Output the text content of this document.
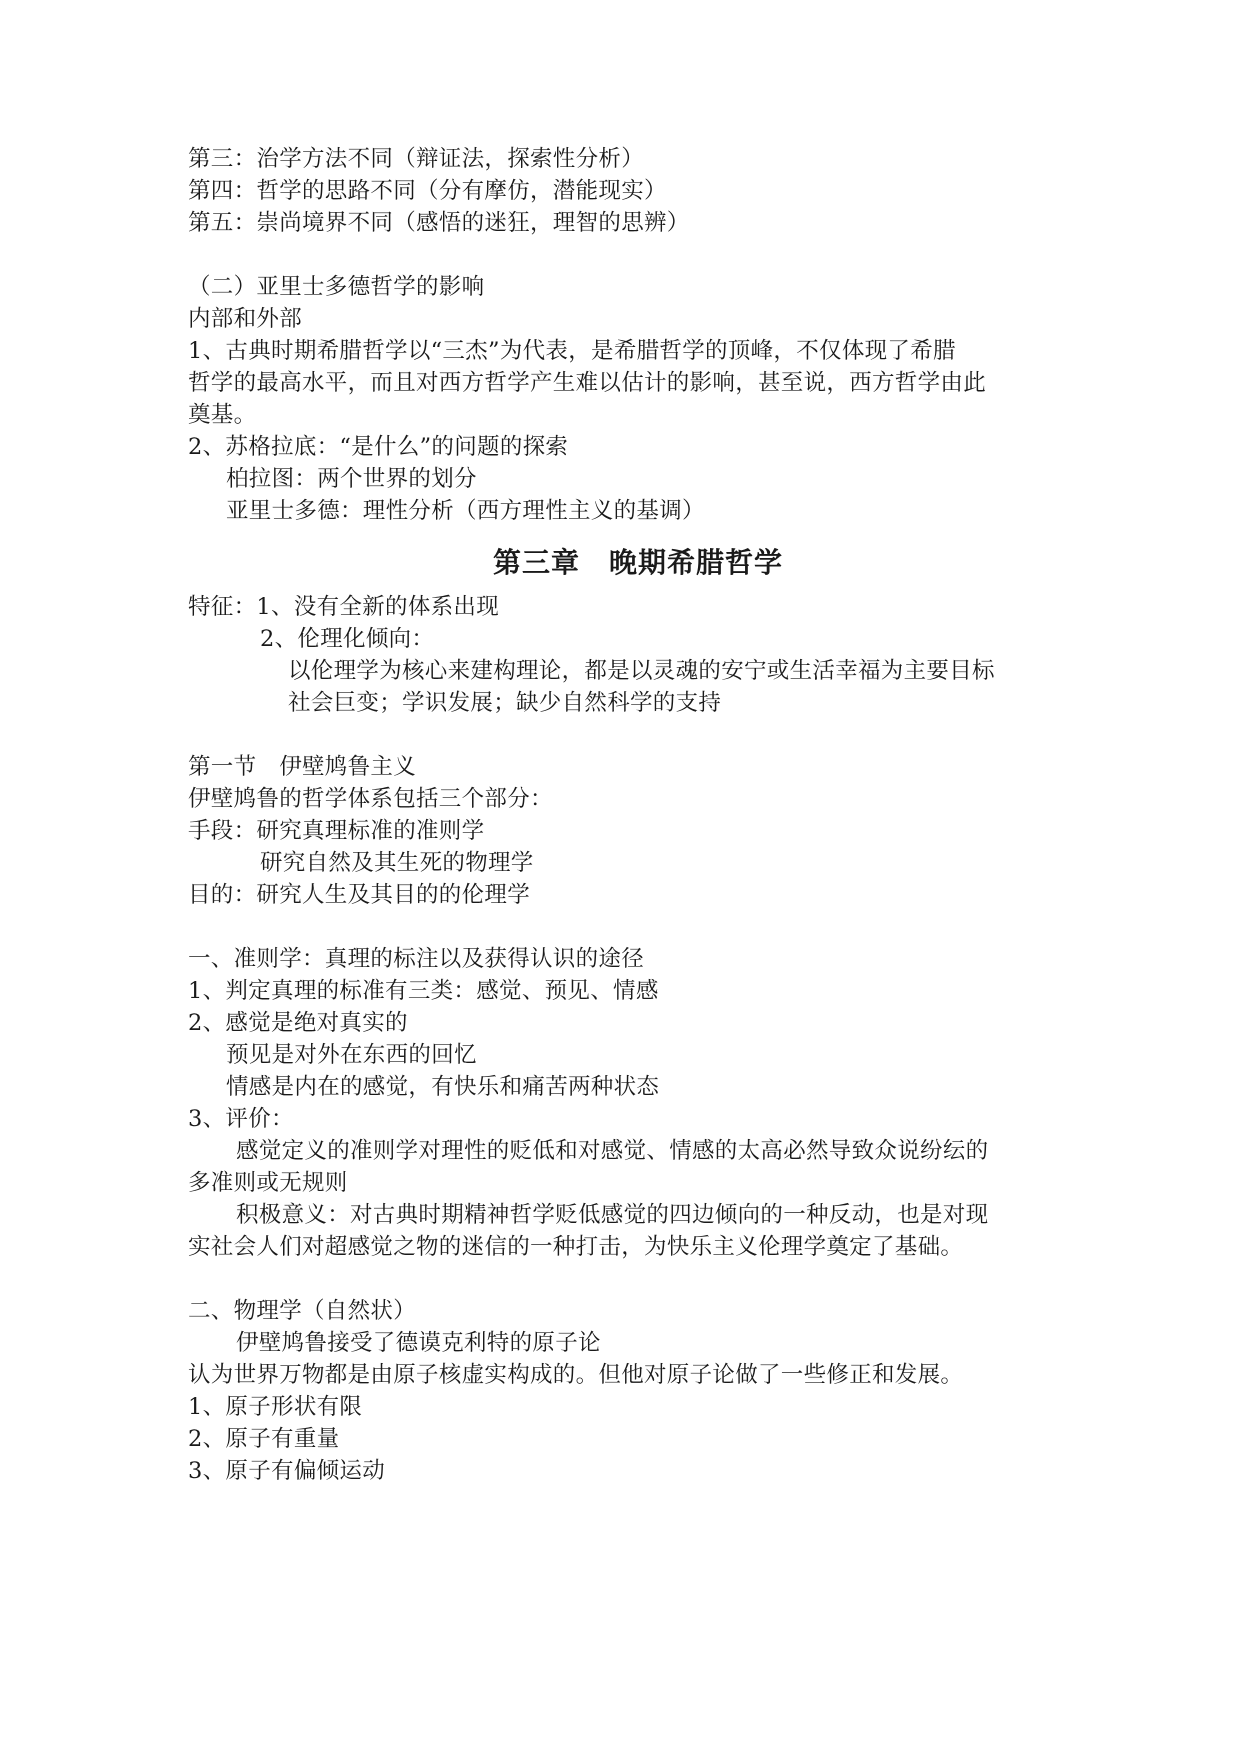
第三：治学方法不同（辩证法，探索性分析）
第四：哲学的思路不同（分有摩仿，潜能现实）
第五：崇尚境界不同（感悟的迷狂，理智的思辨）
（二）亚里士多德哲学的影响
内部和外部
1、古典时期希腊哲学以“三杰”为代表，是希腊哲学的顶峰，不仅体现了希腊
哲学的最高水平，而且对西方哲学产生难以估计的影响，甚至说，西方哲学由此
奠基。
2、苏格拉底：“是什么”的问题的探索
柏拉图：两个世界的划分
亚里士多德：理性分析（西方理性主义的基调）
第三章　晚期希腊哲学
特征：1、没有全新的体系出现
2、伦理化倾向：
以伦理学为核心来建构理论，都是以灵魂的安宁或生活幸福为主要目标
社会巨变；学识发展；缺少自然科学的支持
第一节　伊壁鸠鲁主义
伊壁鸠鲁的哲学体系包括三个部分：
手段：研究真理标准的准则学
研究自然及其生死的物理学
目的：研究人生及其目的的伦理学
一、准则学：真理的标注以及获得认识的途径
1、判定真理的标准有三类：感觉、预见、情感
2、感觉是绝对真实的
预见是对外在东西的回忆
情感是内在的感觉，有快乐和痛苦两种状态
3、评价：
感觉定义的准则学对理性的贬低和对感觉、情感的太高必然导致众说纷纭的
多准则或无规则
积极意义：对古典时期精神哲学贬低感觉的四边倾向的一种反动，也是对现
实社会人们对超感觉之物的迷信的一种打击，为快乐主义伦理学奠定了基础。
二、物理学（自然状）
伊壁鸠鲁接受了德谟克利特的原子论
认为世界万物都是由原子核虚实构成的。但他对原子论做了一些修正和发展。
1、原子形状有限
2、原子有重量
3、原子有偏倾运动
